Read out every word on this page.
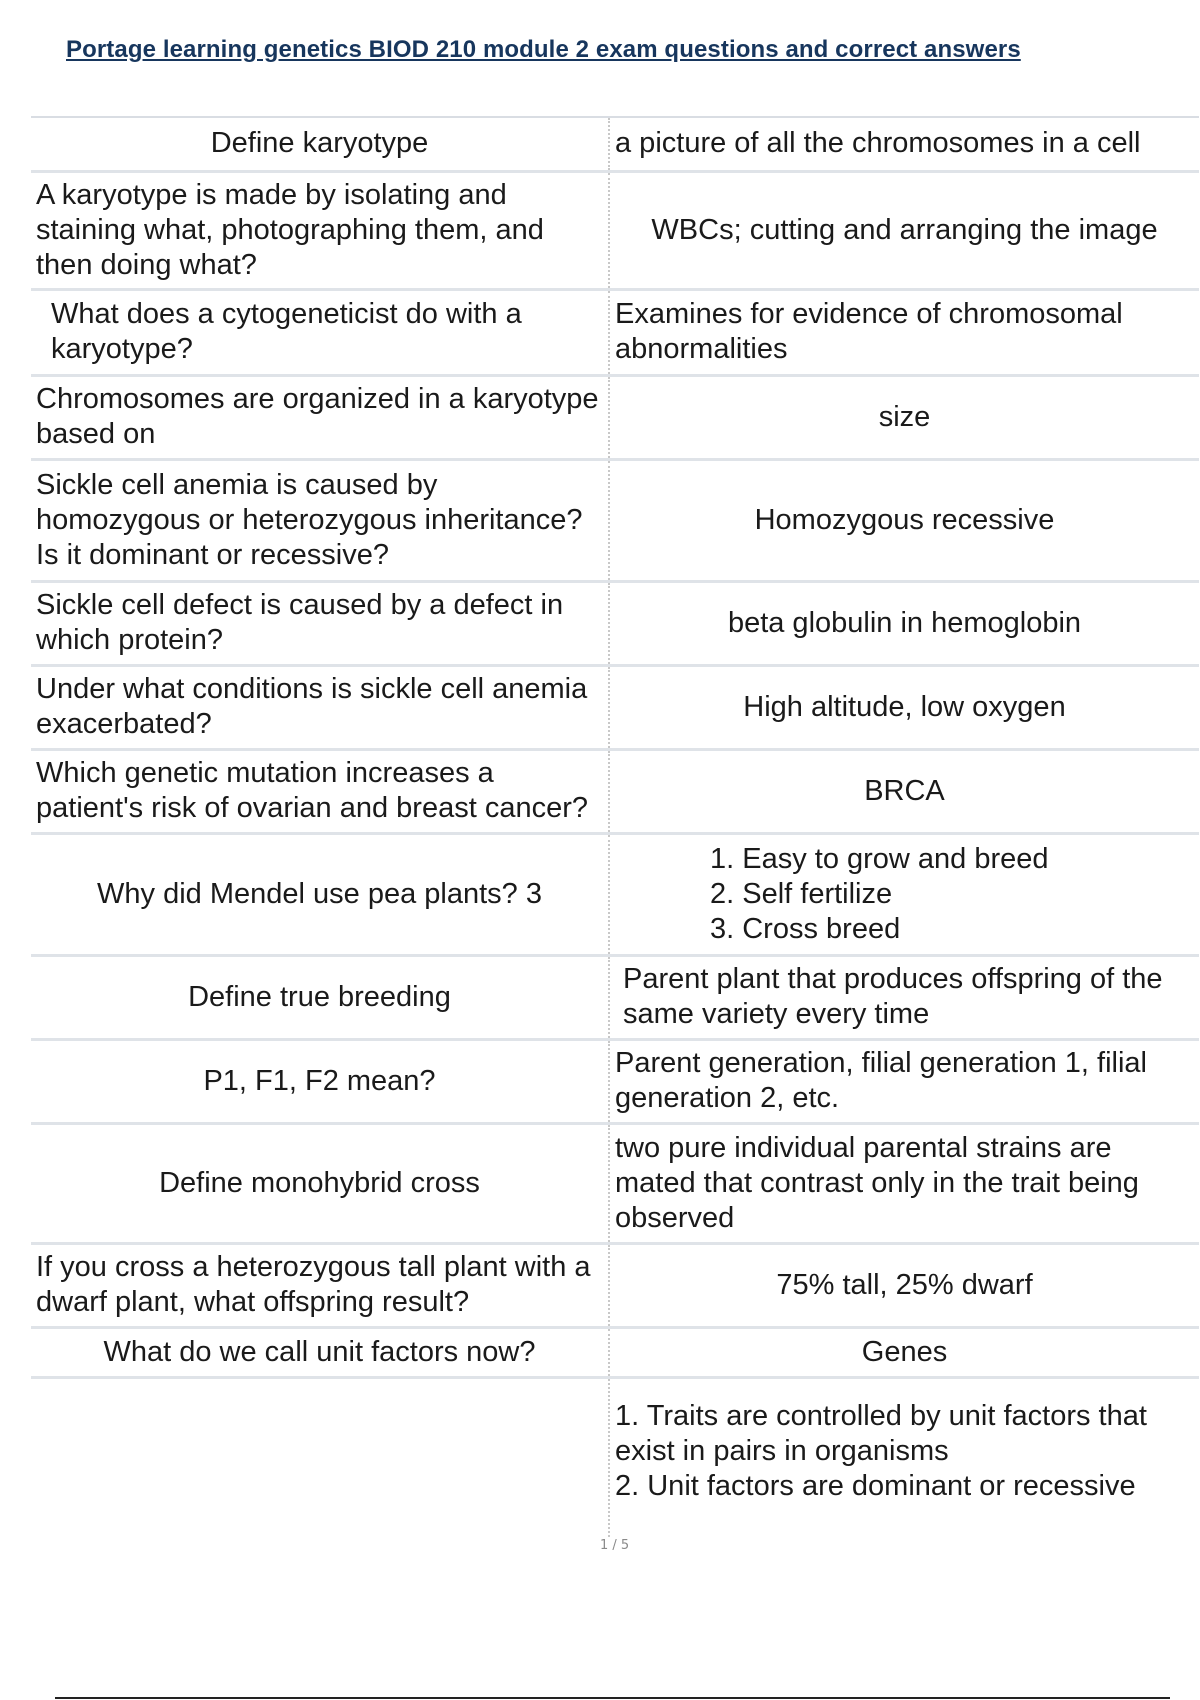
Portage learning genetics BIOD 210 module 2 exam questions and correct answers
Define karyotype	a picture of all the chromosomes in a cell
A karyotype is made by isolating and staining what, photographing them, and then doing what?	WBCs; cutting and arranging the image
What does a cytogeneticist do with a karyotype?	Examines for evidence of chromosomal abnormalities
Chromosomes are organized in a karyotype based on	size
Sickle cell anemia is caused by homozygous or heterozygous inheritance? Is it dominant or recessive?	Homozygous recessive
Sickle cell defect is caused by a defect in which protein?	beta globulin in hemoglobin
Under what conditions is sickle cell anemia exacerbated?	High altitude, low oxygen
Which genetic mutation increases a patient's risk of ovarian and breast cancer?	BRCA
Why did Mendel use pea plants? 3	1. Easy to grow and breed
2. Self fertilize
3. Cross breed

Define true breeding	Parent plant that produces offspring of the same variety every time
P1, F1, F2 mean?	Parent generation, filial generation 1, filial generation 2, etc.
Define monohybrid cross	two pure individual parental strains are mated that contrast only in the trait being observed
If you cross a heterozygous tall plant with a dwarf plant, what offspring result?	75% tall, 25% dwarf
What do we call unit factors now?	Genes

	1. Traits are controlled by unit factors that exist in pairs in organisms
2. Unit factors are dominant or recessive
1 / 5
